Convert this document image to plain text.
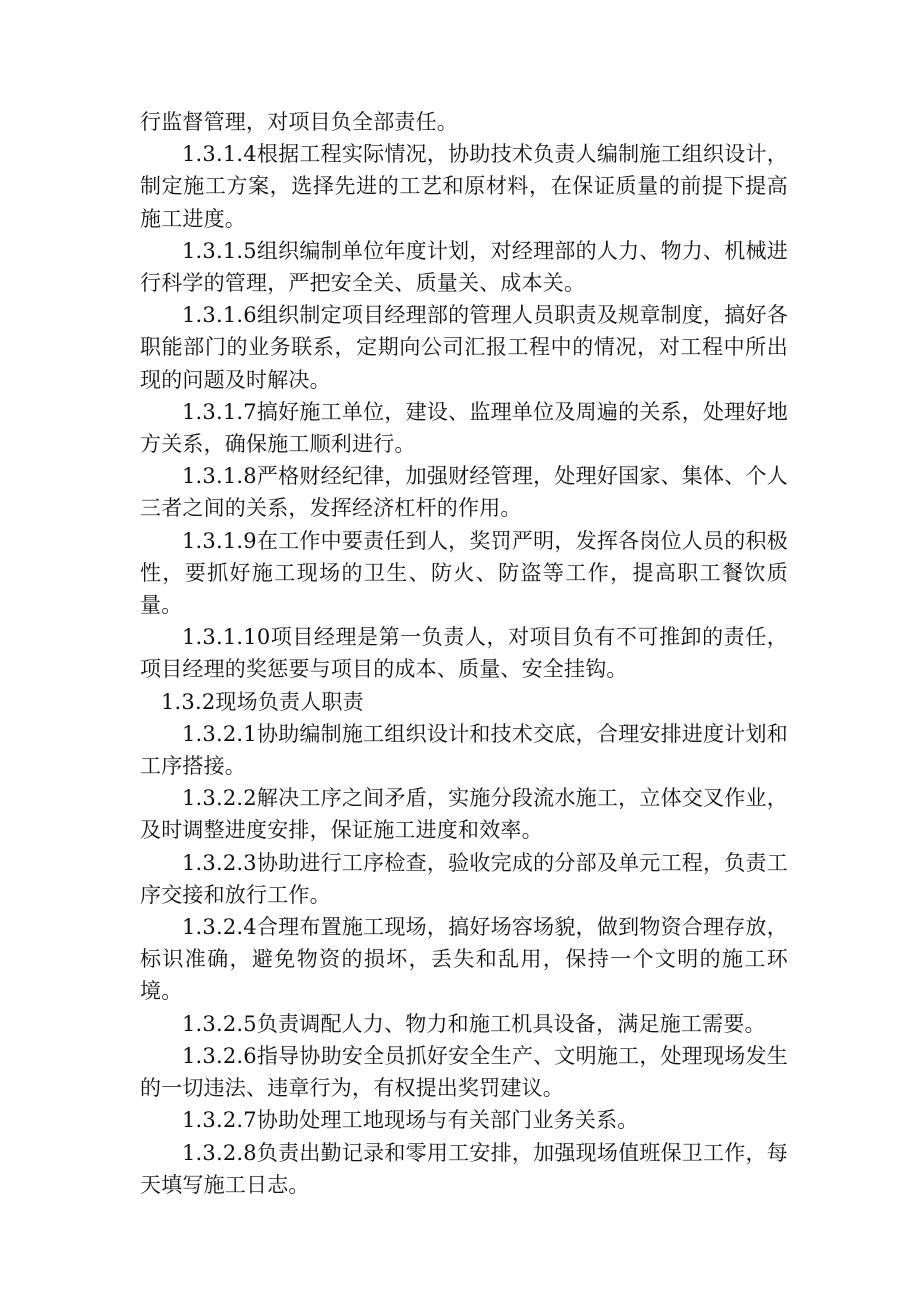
行监督管理，对项目负全部责任。

1.3.1.4根据工程实际情况，协助技术负责人编制施工组织设计，制定施工方案，选择先进的工艺和原材料，在保证质量的前提下提高施工进度。

1.3.1.5组织编制单位年度计划，对经理部的人力、物力、机械进行科学的管理，严把安全关、质量关、成本关。

1.3.1.6组织制定项目经理部的管理人员职责及规章制度，搞好各职能部门的业务联系，定期向公司汇报工程中的情况，对工程中所出现的问题及时解决。

1.3.1.7搞好施工单位，建设、监理单位及周遍的关系，处理好地方关系，确保施工顺利进行。

1.3.1.8严格财经纪律，加强财经管理，处理好国家、集体、个人三者之间的关系，发挥经济杠杆的作用。

1.3.1.9在工作中要责任到人，奖罚严明，发挥各岗位人员的积极性，要抓好施工现场的卫生、防火、防盗等工作，提高职工餐饮质量。

1.3.1.10项目经理是第一负责人，对项目负有不可推卸的责任，项目经理的奖惩要与项目的成本、质量、安全挂钩。

1.3.2现场负责人职责

1.3.2.1协助编制施工组织设计和技术交底，合理安排进度计划和工序搭接。

1.3.2.2解决工序之间矛盾，实施分段流水施工，立体交叉作业，及时调整进度安排，保证施工进度和效率。

1.3.2.3协助进行工序检查，验收完成的分部及单元工程，负责工序交接和放行工作。

1.3.2.4合理布置施工现场，搞好场容场貌，做到物资合理存放，标识准确，避免物资的损坏，丢失和乱用，保持一个文明的施工环境。

1.3.2.5负责调配人力、物力和施工机具设备，满足施工需要。

1.3.2.6指导协助安全员抓好安全生产、文明施工，处理现场发生的一切违法、违章行为，有权提出奖罚建议。

1.3.2.7协助处理工地现场与有关部门业务关系。

1.3.2.8负责出勤记录和零用工安排，加强现场值班保卫工作，每天填写施工日志。
